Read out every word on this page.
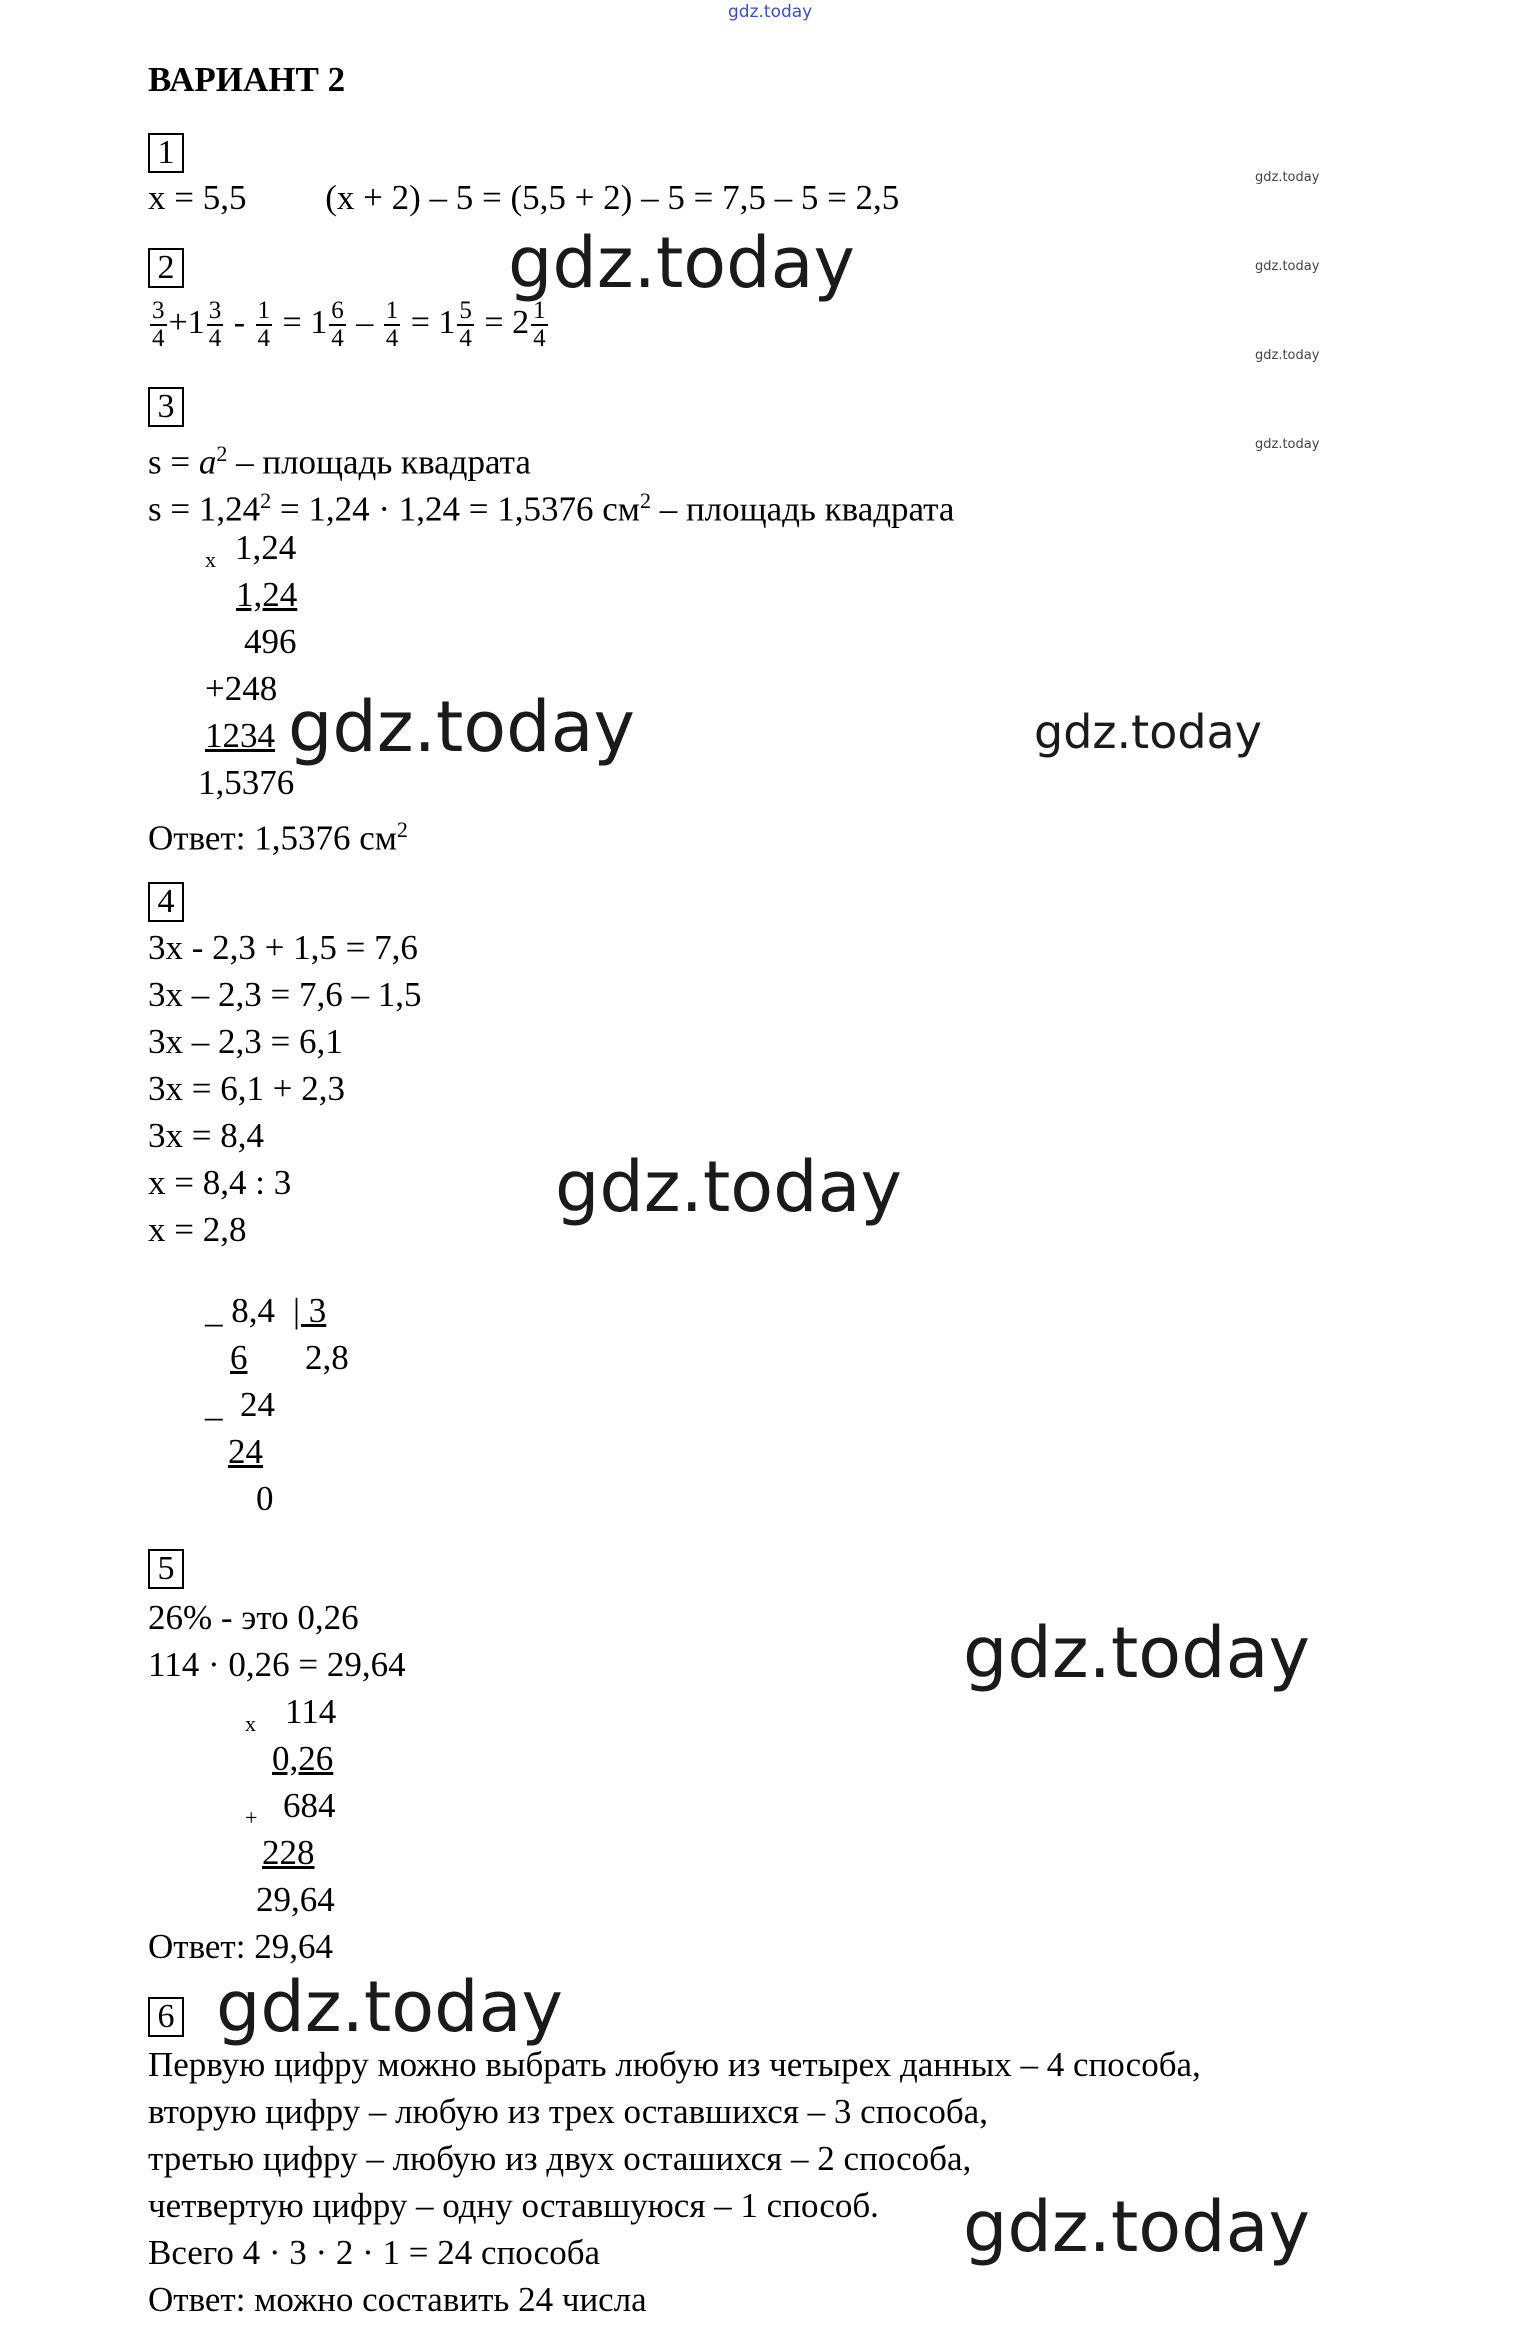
gdz.today
gdz.today
gdz.today
gdz.today
gdz.today
ВАРИАНТ 2
1
x = 5,5         (x + 2) – 5 = (5,5 + 2) – 5 = 7,5 – 5 = 2,5
2
$\frac{3}{4} +1 \frac{3}{4} - \frac{1}{4} = 1 \frac{6}{4} - \frac{1}{4} = 1 \frac{5}{4} = 2 \frac{1}{4}$
3
$s = a^2$ – площадь квадрата
$s = 1,24^2 = 1,24 \cdot 1,24 = 1,5376$ $см^2$ – площадь квадрата
x 1,24
1,24
496
+248
1234
1,5376
Ответ: 1,5376 $см^2$
4
3x - 2,3 + 1,5 = 7,6
3x – 2,3 = 7,6 – 1,5
3x – 2,3 = 6,1
3x = 6,1 + 2,3
3x = 8,4
x = 8,4 : 3
x = 2,8
_ 8,4 | 3
6	2,8
_  24
24
0
5
26% - это 0,26
114 · 0,26 = 29,64
x 114
0,26
+ 684
228
29,64
Ответ: 29,64
6
Первую цифру можно выбрать любую из четырех данных – 4 способа,
вторую цифру – любую из трех оставшихся – 3 способа,
третью цифру – любую из двух осташихся – 2 способа,
четвертую цифру – одну оставшуюся – 1 способ.
Всего 4 · 3 · 2 · 1 = 24 способа
Ответ: можно составить 24 числа
gdz.today
gdz.today	gdz.today
gdz.today
gdz.today
gdz.today
gdz.today
